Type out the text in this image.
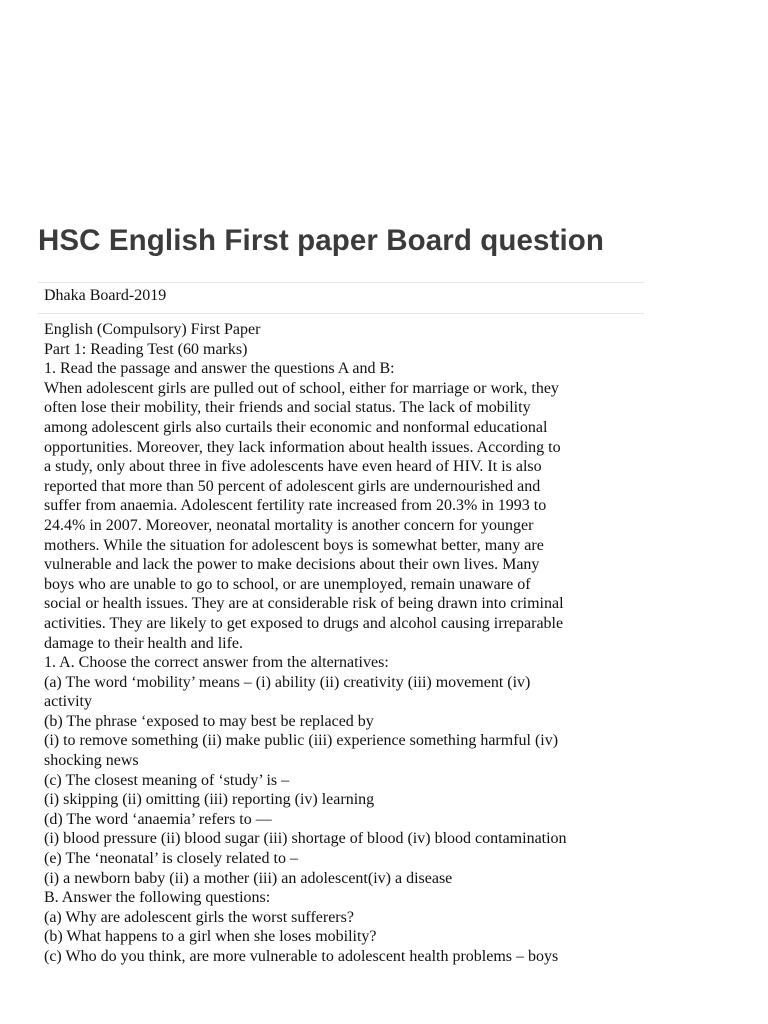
HSC English First paper Board question

Dhaka Board-2019

English (Compulsory) First Paper
Part 1: Reading Test (60 marks)
1. Read the passage and answer the questions A and B:
When adolescent girls are pulled out of school, either for marriage or work, they
often lose their mobility, their friends and social status. The lack of mobility
among adolescent girls also curtails their economic and nonformal educational
opportunities. Moreover, they lack information about health issues. According to
a study, only about three in five adolescents have even heard of HIV. It is also
reported that more than 50 percent of adolescent girls are undernourished and
suffer from anaemia. Adolescent fertility rate increased from 20.3% in 1993 to
24.4% in 2007. Moreover, neonatal mortality is another concern for younger
mothers. While the situation for adolescent boys is somewhat better, many are
vulnerable and lack the power to make decisions about their own lives. Many
boys who are unable to go to school, or are unemployed, remain unaware of
social or health issues. They are at considerable risk of being drawn into criminal
activities. They are likely to get exposed to drugs and alcohol causing irreparable
damage to their health and life.
1. A. Choose the correct answer from the alternatives:
(a) The word ‘mobility’ means – (i) ability (ii) creativity (iii) movement (iv)
activity
(b) The phrase ‘exposed to may best be replaced by
(i) to remove something (ii) make public (iii) experience something harmful (iv)
shocking news
(c) The closest meaning of ‘study’ is –
(i) skipping (ii) omitting (iii) reporting (iv) learning
(d) The word ‘anaemia’ refers to —
(i) blood pressure (ii) blood sugar (iii) shortage of blood (iv) blood contamination
(e) The ‘neonatal’ is closely related to –
(i) a newborn baby (ii) a mother (iii) an adolescent(iv) a disease
B. Answer the following questions:
(a) Why are adolescent girls the worst sufferers?
(b) What happens to a girl when she loses mobility?
(c) Who do you think, are more vulnerable to adolescent health problems – boys
